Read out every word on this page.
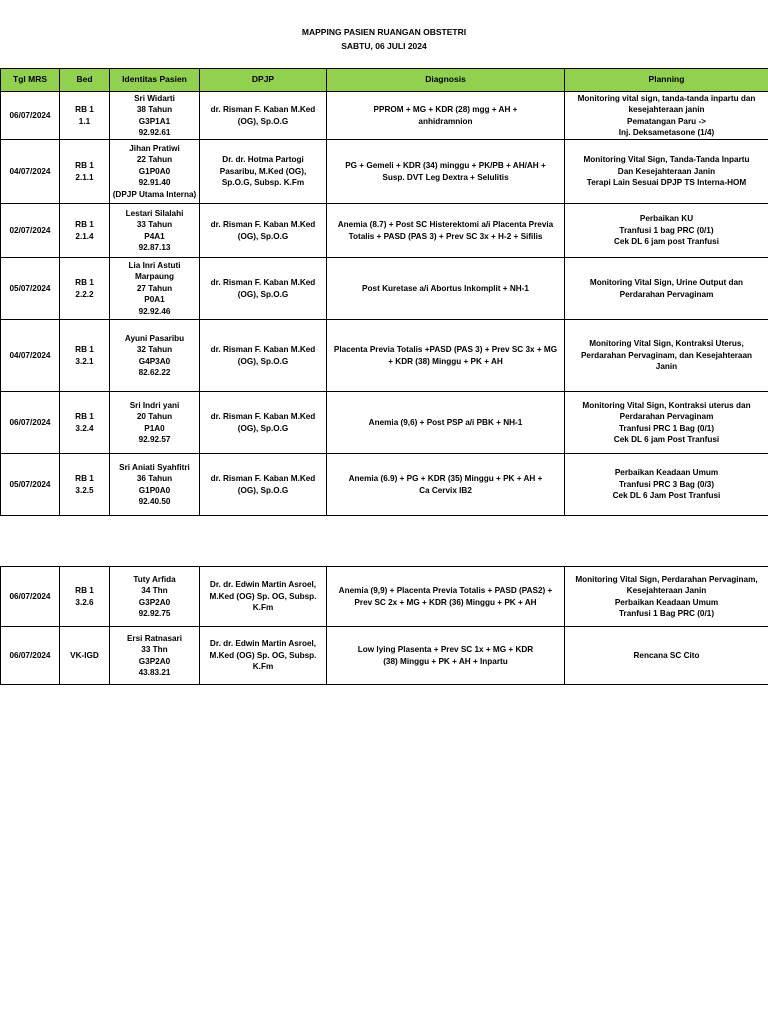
MAPPING PASIEN RUANGAN OBSTETRI
SABTU, 06 JULI 2024
Tgl MRS	Bed	Identitas Pasien	DPJP	Diagnosis	Planning
06/07/2024	RB 1
1.1	Sri Widarti
38 Tahun
G3P1A1
92.92.61	dr. Risman F. Kaban M.Ked
(OG), Sp.O.G	PPROM + MG + KDR (28) mgg + AH +
anhidramnion	Monitoring vital sign, tanda-tanda inpartu dan
kesejahteraan janin
Pematangan Paru ->
Inj. Deksametasone (1/4)

04/07/2024	RB 1
2.1.1	Jihan Pratiwi
22 Tahun
G1P0A0
92.91.40
(DPJP Utama Interna)	Dr. dr. Hotma Partogi
Pasaribu, M.Ked (OG),
Sp.O.G, Subsp. K.Fm	PG + Gemeli + KDR (34) minggu + PK/PB + AH/AH +
Susp. DVT Leg Dextra + Selulitis	Monitoring Vital Sign, Tanda-Tanda Inpartu
Dan Kesejahteraan Janin
Terapi Lain Sesuai DPJP TS Interna-HOM

02/07/2024	RB 1
2.1.4	Lestari Silalahi
33 Tahun
P4A1
92.87.13	dr. Risman F. Kaban M.Ked
(OG), Sp.O.G	Anemia (8.7) + Post SC Histerektomi a/i Placenta Previa
Totalis + PASD (PAS 3) + Prev SC 3x + H-2 + Sifilis	Perbaikan KU
Tranfusi 1 bag PRC (0/1)
Cek DL 6 jam post Tranfusi

05/07/2024	RB 1
2.2.2	Lia Inri Astuti
Marpaung
27 Tahun
P0A1
92.92.46	dr. Risman F. Kaban M.Ked
(OG), Sp.O.G	Post Kuretase a/i Abortus Inkomplit + NH-1	Monitoring Vital Sign, Urine Output dan
Perdarahan Pervaginam

04/07/2024	RB 1
3.2.1	Ayuni Pasaribu
32 Tahun
G4P3A0
82.62.22	dr. Risman F. Kaban M.Ked
(OG), Sp.O.G	Placenta Previa Totalis +PASD (PAS 3) + Prev SC 3x + MG
+ KDR (38) Minggu + PK + AH	Monitoring Vital Sign, Kontraksi Uterus,
Perdarahan Pervaginam, dan Kesejahteraan
Janin

06/07/2024	RB 1
3.2.4	Sri Indri yani
20 Tahun
P1A0
92.92.57	dr. Risman F. Kaban M.Ked
(OG), Sp.O.G	Anemia (9,6) + Post PSP a/i PBK + NH-1	Monitoring Vital Sign, Kontraksi uterus dan
Perdarahan Pervaginam
Tranfusi PRC 1 Bag (0/1)
Cek DL 6 jam Post Tranfusi

05/07/2024	RB 1
3.2.5	Sri Aniati Syahfitri
36 Tahun
G1P0A0
92.40.50	dr. Risman F. Kaban M.Ked
(OG), Sp.O.G	Anemia (6.9) + PG + KDR (35) Minggu + PK + AH +
Ca Cervix IB2	Perbaikan Keadaan Umum
Tranfusi PRC 3 Bag (0/3)
Cek DL 6 Jam Post Tranfusi
06/07/2024	RB 1
3.2.6	Tuty Arfida
34 Thn
G3P2A0
92.92.75	Dr. dr. Edwin Martin Asroel,
M.Ked (OG) Sp. OG, Subsp.
K.Fm	Anemia (9,9) + Placenta Previa Totalis + PASD (PAS2) +
Prev SC 2x + MG + KDR (36) Minggu + PK + AH	Monitoring Vital Sign, Perdarahan Pervaginam,
Kesejahteraan Janin
Perbaikan Keadaan Umum
Tranfusi 1 Bag PRC (0/1)

06/07/2024	VK-IGD	Ersi Ratnasari
33 Thn
G3P2A0
43.83.21	Dr. dr. Edwin Martin Asroel,
M.Ked (OG) Sp. OG, Subsp.
K.Fm	Low lying Plasenta + Prev SC 1x + MG + KDR
(38) Minggu + PK + AH + Inpartu	Rencana SC Cito
